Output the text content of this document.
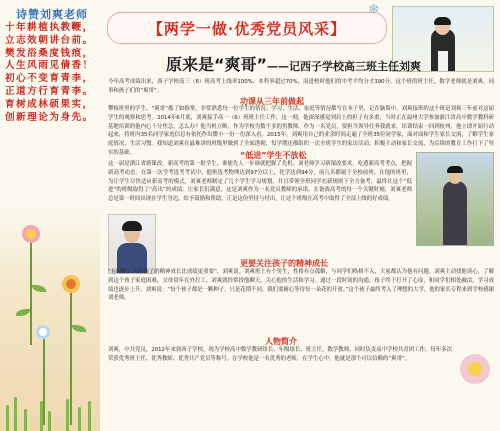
诗赞刘爽老师
十年耕植执教鞭，
立志效朝讲台前。
樊发浴桑度钱痕，
人生风雨见倩香！
初心不变育青李，
正道方行育青李。
育树成林硕果实，
创新理论为身先。
【两学一做·优秀党员风采】
❄
原来是“爽哥”——记西子学校高三班主任刘爽
今年高考成绩出来，西子学校高三（6）班高考上线率100%，本科率超过70%，而进校时他们的中考平均分才390分。这个班的班主任，数学老师就是刘爽，同事和孩子们的“爽哥”。
功课从三年前做起
攀枝班里的学生，“爽哥”都了如指掌，非常熟悉每一位学生的情况；学习、生活、家庭等情况都写在本子里，记在脑海中。刘爽接班的这个班是刘爽三年前对这届学生的观察和思考。2014年6月底，刘爽接手高一（6）班班主任工作，这一刻，他深深感觉到肩上的担子有多重，当时正在温州大学参加浙江省高中数学教科研基地培训的他内心十分焦急，怎么办？他当机立断，作为学校为数不多的男教师，作为一名党员，要担当领导任务我就来。培训结束一回到杭州，他立即开始行动起来，将班内35名同学家庭信息有依托作出微小一份一份深入看。2015年，刘爽用自己的业余时间走遍了全班35位同学家，面对面和学生家长交流，了解学生家庭情况、生活习惯。我知道刘爽在最难讲的班级里做到了全面透彻，每学期还都组织一次全班学生的家访活动，积极主动和家长交流，为后续的教育工作打下了坚实的基础。	“低进”学生不放松
这一届是浙江省新课改，新高考的第一批学生，谁能先人一步谁就把握了先机。刘老师学习新课改要求，吃透新高考考点，把握新高考动态。在第一次学考选考考试中，他班选考物理达到97分以上，化学达到94分，前几名都属于全校前列。在他的班里，为让学生尽快适应新高考的模式，刘爽老师制定了几个学生学习规划，并且带领全班同学在新规则下全力备考，最终让这个“低进”的班级取得了“高出”的成绩。让家长们满意，这是刘爽作为一名党员教师的承诺。在备战高考的每一个关键时刻，刘爽老师总是第一时间出现在学生身边，给予鼓励和帮助，正是这份坚持与付出，让这个班级在高考中取得了全部上线的好成绩。
更要关注孩子的精神成长
“有时候，关注孩子的精神成长比成绩更重要”，刘爽说。刘爽班上有个男生，性格有点孤僻，与同学们格格不入，大家都认为他有问题。刘爽主动找他谈心，了解到这个孩子家庭困难，父母常年在外打工，刘爽就经常找他聊天，关心他的生活和学习。通过一段时间的沟通，孩子终于打开了心扉，和同学们相处融洽，学习成绩也逐步上升。刘爽说：“每个孩子都是一颗种子，只是花期不同，我们要耐心等待每一朵花的开放。”这个孩子最终考入了理想的大学，他的家长专程来到学校感谢刘老师。
人物简介
刘爽，中共党员，2012年来到西子学校，现为学校高中数学教研组长、年级组长、班主任、数学教师，同时负责高中学校共青团工作，每年多次荣获优秀班主任、优秀教师、优秀共产党员等称号。在学校他是一名优秀的老师，在学生心中，他就是那个可以信赖的“爽哥”。
